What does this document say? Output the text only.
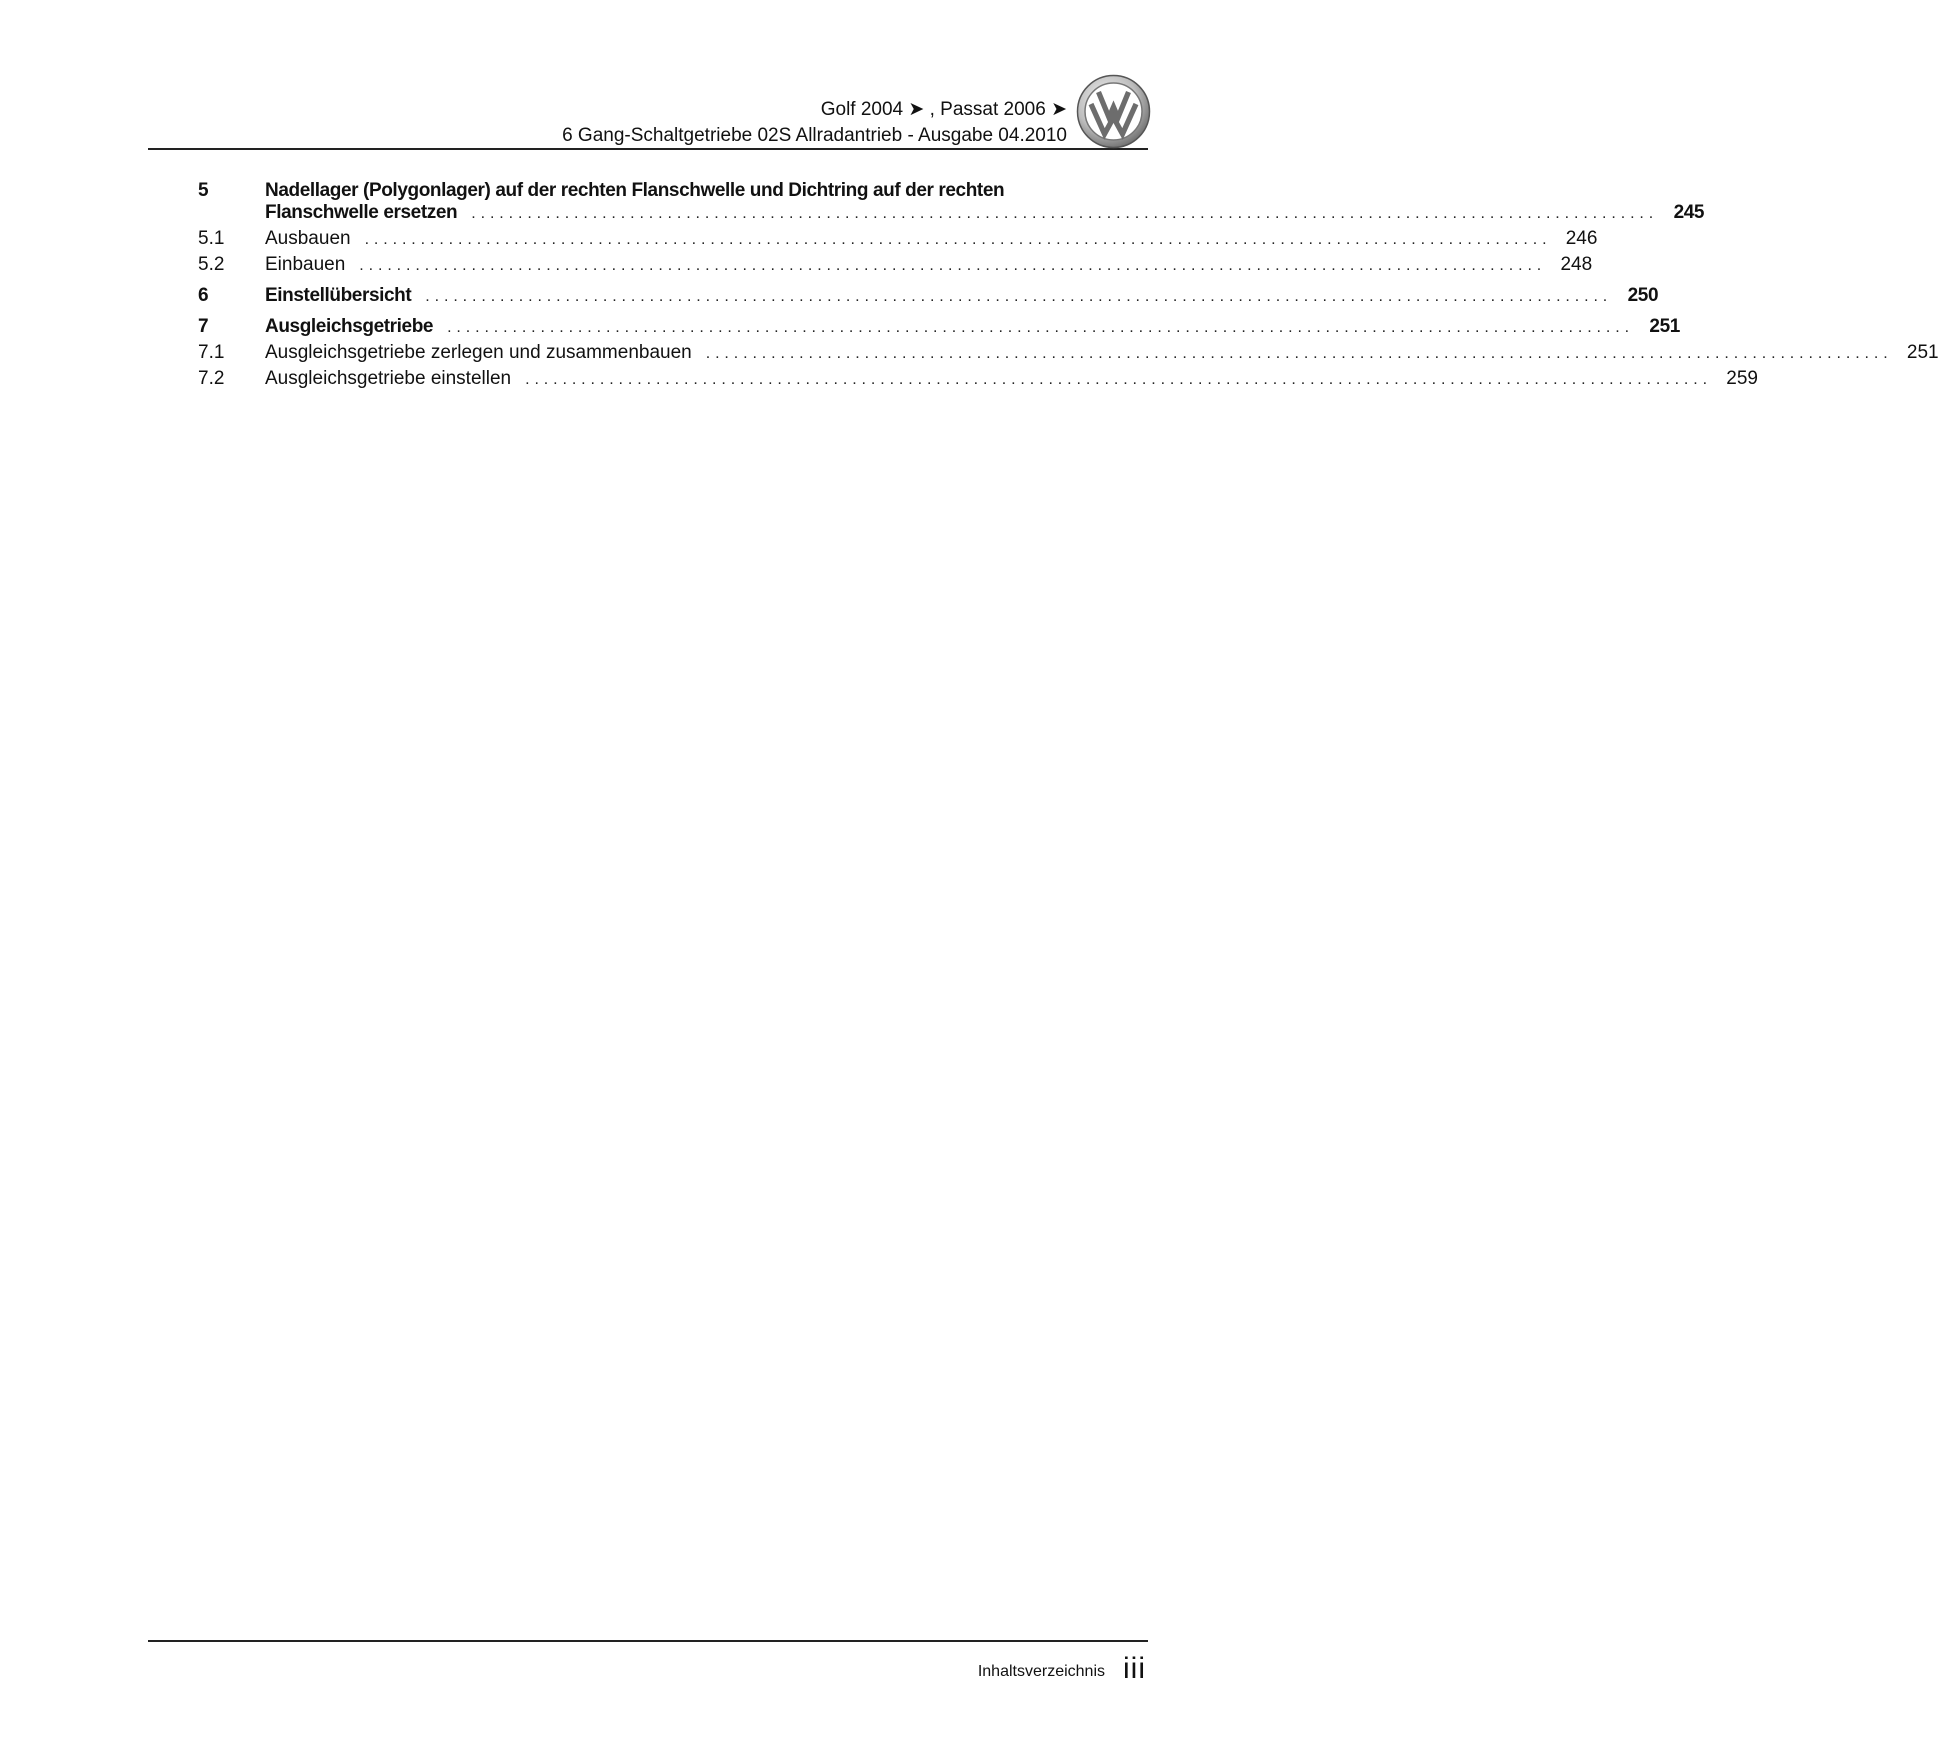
Golf 2004 ➤ , Passat 2006 ➤
6 Gang-Schaltgetriebe 02S Allradantrieb - Ausgabe 04.2010
5	Nadellager (Polygonlager) auf der rechten Flanschwelle und Dichtring auf der rechten
Flanschwelle ersetzen ............................................................................................................................... 245
5.1 Ausbauen ............................................................................................................................... 246
5.2 Einbauen ............................................................................................................................... 248
6	Einstellübersicht ............................................................................................................................... 250
7	Ausgleichsgetriebe ............................................................................................................................... 251
7.1 Ausgleichsgetriebe zerlegen und zusammenbauen ............................................................................................................................... 251
7.2 Ausgleichsgetriebe einstellen ............................................................................................................................... 259
Inhaltsverzeichnis iii
